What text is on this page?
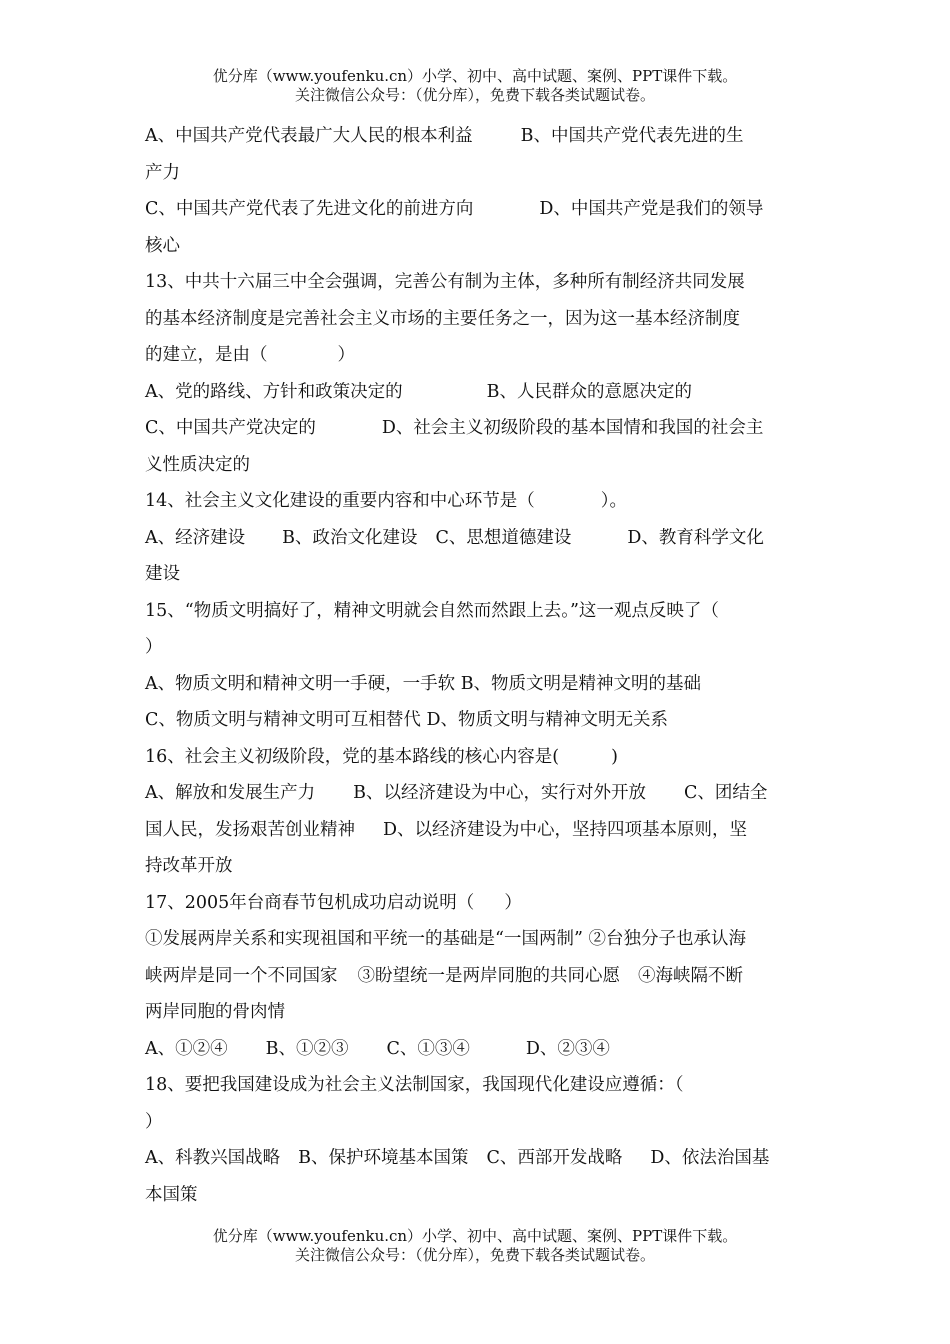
优分库（www.youfenku.cn）小学、初中、高中试题、案例、PPT课件下载。
关注微信公众号：（优分库），免费下载各类试题试卷。
A、中国共产党代表最广大人民的根本利益	B、中国共产党代表先进的生
产力
C、中国共产党代表了先进文化的前进方向	D、中国共产党是我们的领导
核心
13、中共十六届三中全会强调，完善公有制为主体，多种所有制经济共同发展
的基本经济制度是完善社会主义市场的主要任务之一，因为这一基本经济制度
的建立，是由（	）
A、党的路线、方针和政策决定的	B、人民群众的意愿决定的
C、中国共产党决定的	D、社会主义初级阶段的基本国情和我国的社会主
义性质决定的
14、社会主义文化建设的重要内容和中心环节是（	）。
A、经济建设 B、政治文化建设 C、思想道德建设	D、教育科学文化
建设
15、“物质文明搞好了，精神文明就会自然而然跟上去。”这一观点反映了（
）
A、物质文明和精神文明一手硬，一手软 B、物质文明是精神文明的基础
C、物质文明与精神文明可互相替代 D、物质文明与精神文明无关系
16、社会主义初级阶段，党的基本路线的核心内容是(	)
A、解放和发展生产力 B、以经济建设为中心，实行对外开放 C、团结全
国人民，发扬艰苦创业精神 D、以经济建设为中心，坚持四项基本原则，坚
持改革开放
17、2005年台商春节包机成功启动说明（ ）
①发展两岸关系和实现祖国和平统一的基础是“一国两制” ②台独分子也承认海
峡两岸是同一个不同国家 ③盼望统一是两岸同胞的共同心愿 ④海峡隔不断
两岸同胞的骨肉情
A、①②④ B、①②③ C、①③④	D、②③④
18、要把我国建设成为社会主义法制国家，我国现代化建设应遵循：（
）
A、科教兴国战略 B、保护环境基本国策 C、西部开发战略 D、依法治国基
本国策
优分库（www.youfenku.cn）小学、初中、高中试题、案例、PPT课件下载。
关注微信公众号：（优分库），免费下载各类试题试卷。
